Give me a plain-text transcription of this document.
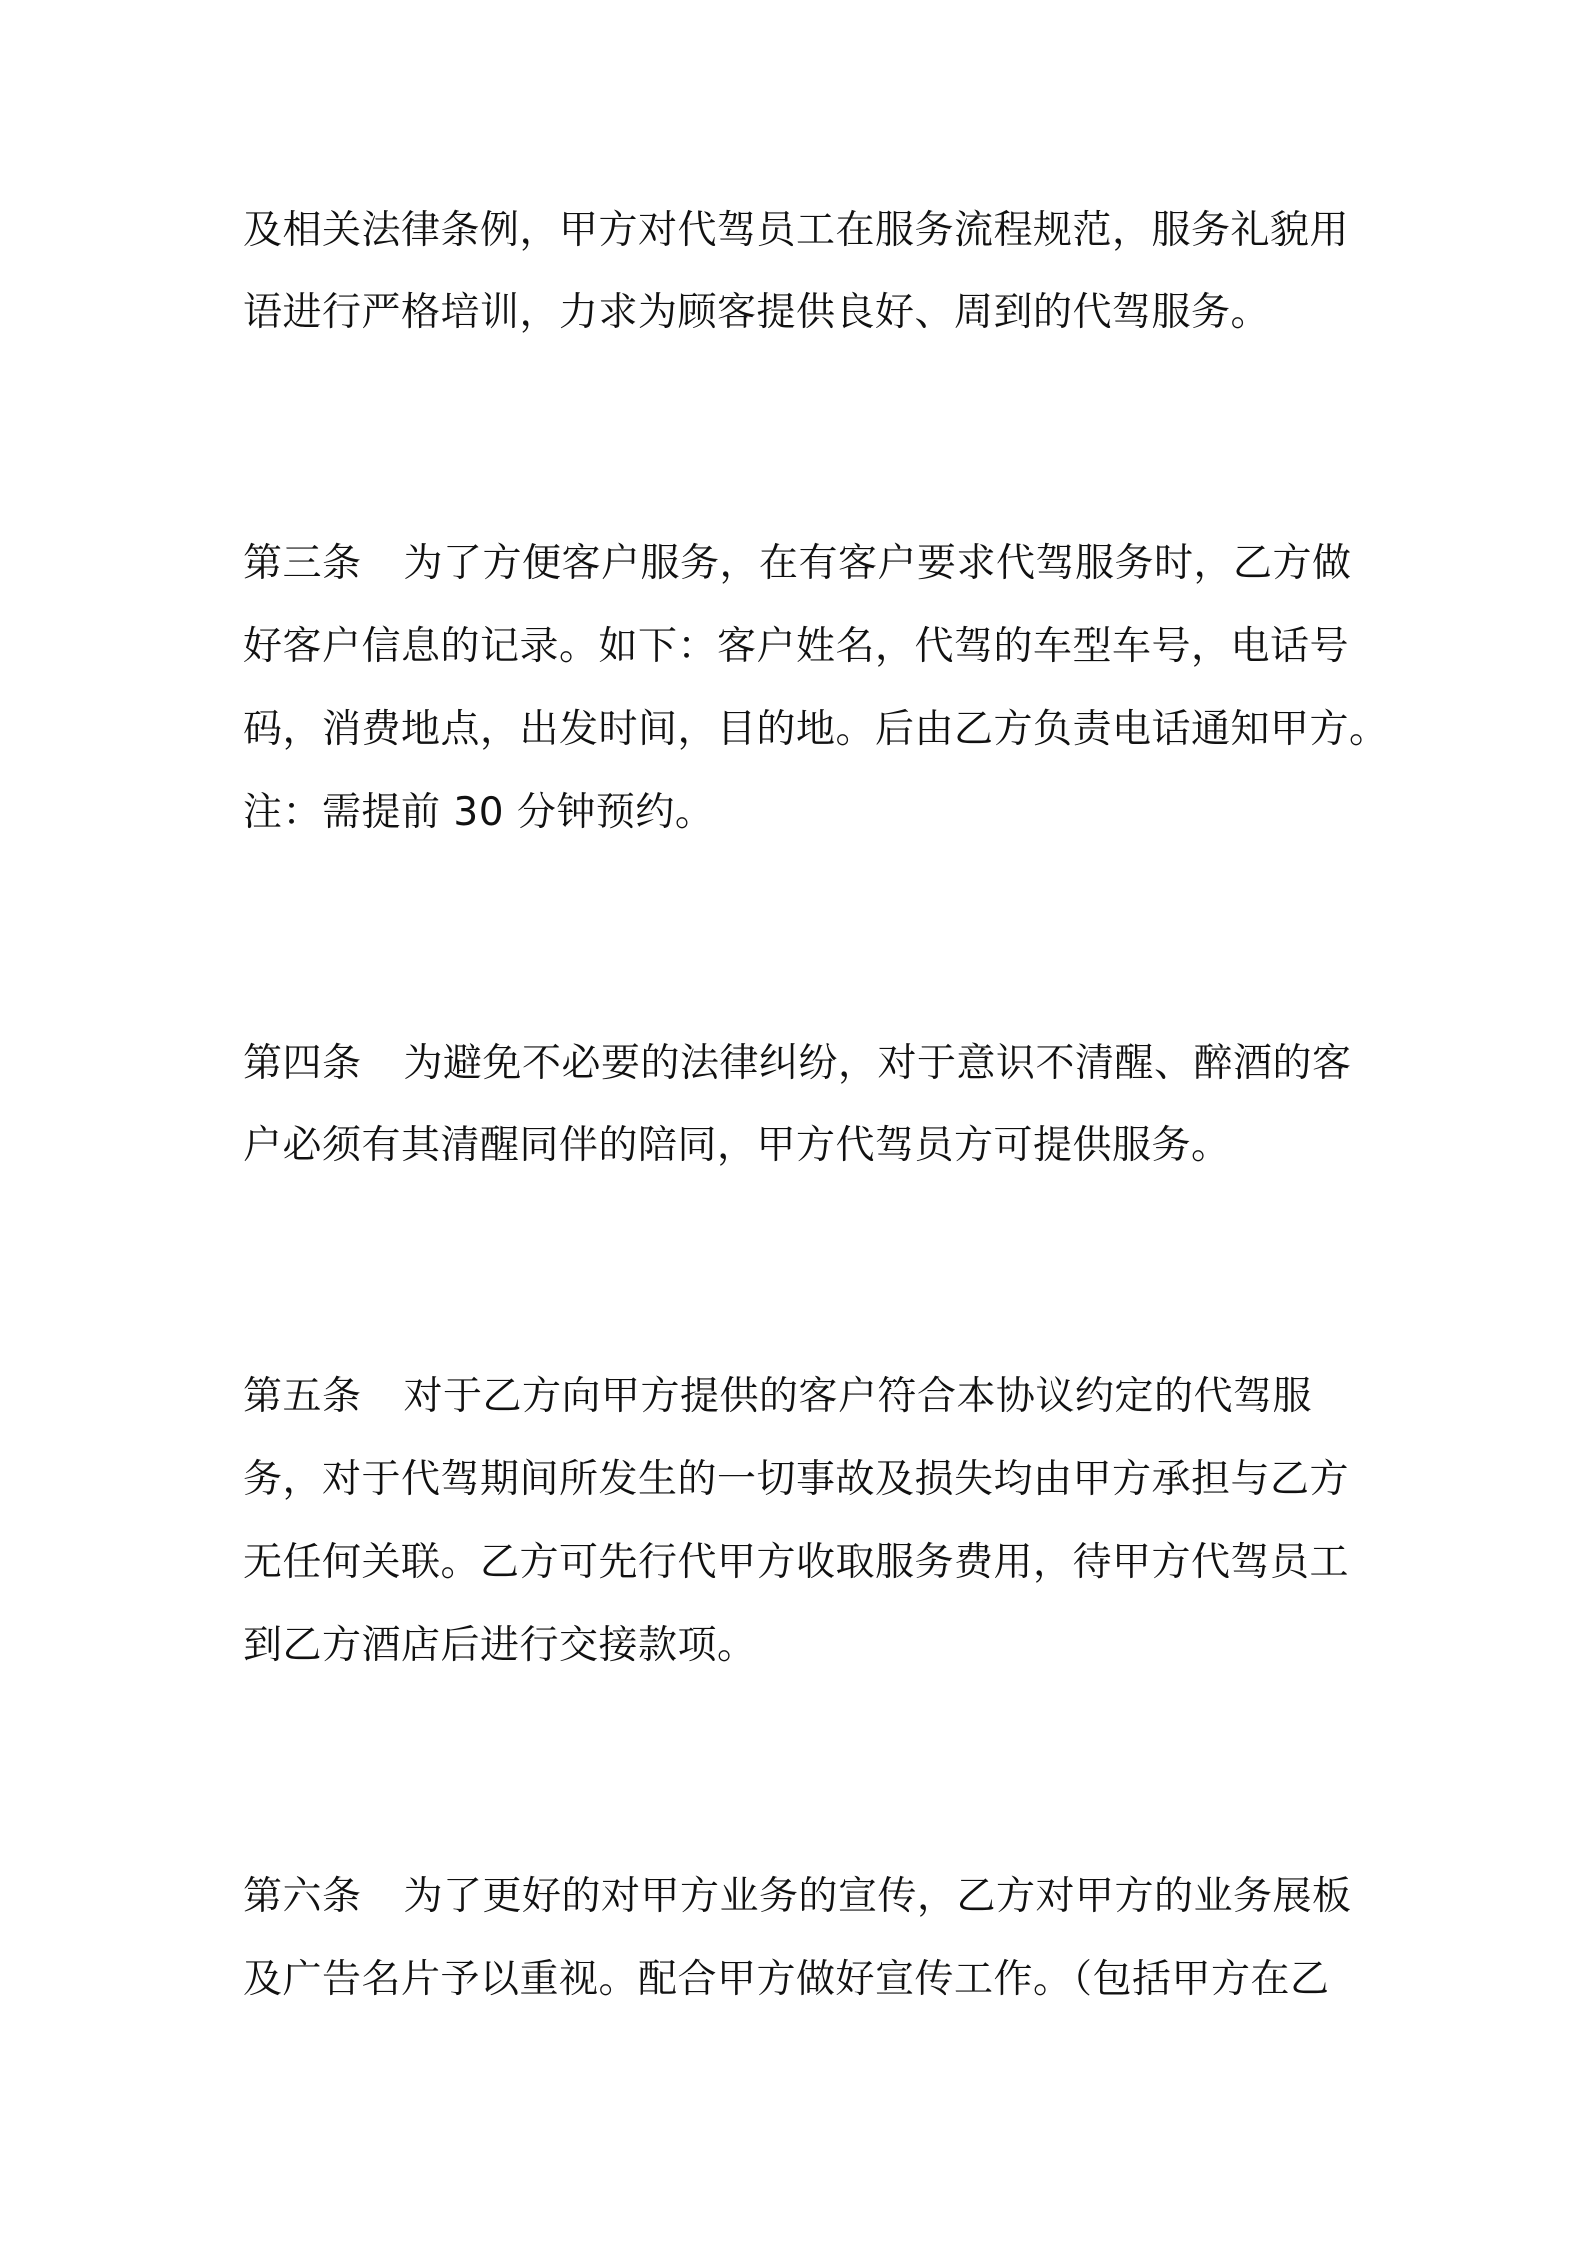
及相关法律条例，甲方对代驾员工在服务流程规范，服务礼貌用
语进行严格培训，力求为顾客提供良好、周到的代驾服务。
第三条 为了方便客户服务，在有客户要求代驾服务时，乙方做
好客户信息的记录。如下：客户姓名，代驾的车型车号，电话号
码，消费地点，出发时间，目的地。后由乙方负责电话通知甲方。
注：需提前 30 分钟预约。
第四条 为避免不必要的法律纠纷，对于意识不清醒、醉酒的客
户必须有其清醒同伴的陪同，甲方代驾员方可提供服务。
第五条 对于乙方向甲方提供的客户符合本协议约定的代驾服
务，对于代驾期间所发生的一切事故及损失均由甲方承担与乙方
无任何关联。乙方可先行代甲方收取服务费用，待甲方代驾员工
到乙方酒店后进行交接款项。
第六条 为了更好的对甲方业务的宣传，乙方对甲方的业务展板
及广告名片予以重视。配合甲方做好宣传工作。（包括甲方在乙
